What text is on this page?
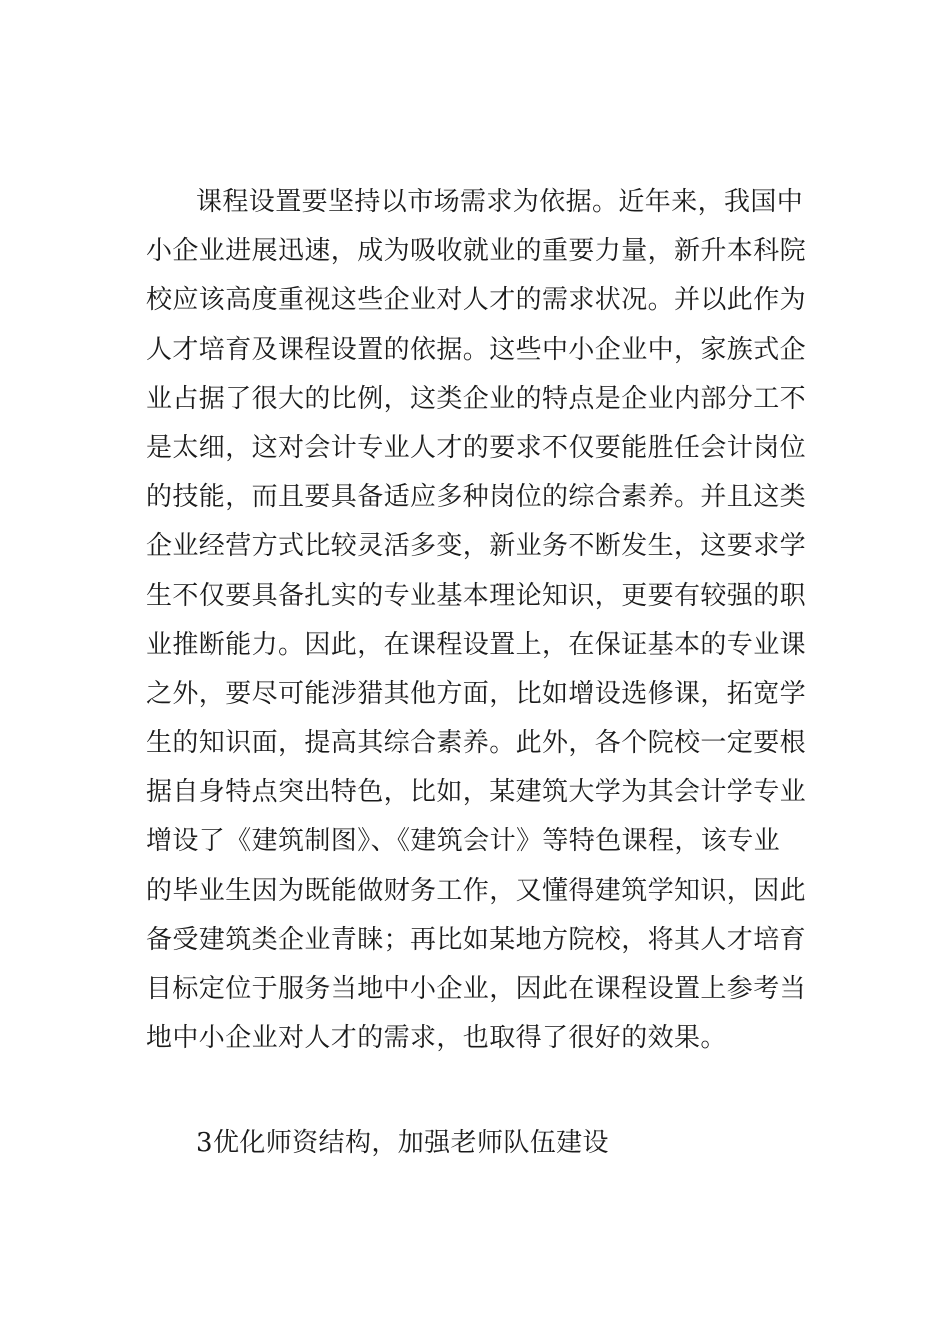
课程设置要坚持以市场需求为依据。近年来，我国中
小企业进展迅速，成为吸收就业的重要力量，新升本科院
校应该高度重视这些企业对人才的需求状况。并以此作为
人才培育及课程设置的依据。这些中小企业中，家族式企
业占据了很大的比例，这类企业的特点是企业内部分工不
是太细，这对会计专业人才的要求不仅要能胜任会计岗位
的技能，而且要具备适应多种岗位的综合素养。并且这类
企业经营方式比较灵活多变，新业务不断发生，这要求学
生不仅要具备扎实的专业基本理论知识，更要有较强的职
业推断能力。因此，在课程设置上，在保证基本的专业课
之外，要尽可能涉猎其他方面，比如增设选修课，拓宽学
生的知识面，提高其综合素养。此外，各个院校一定要根
据自身特点突出特色，比如，某建筑大学为其会计学专业
增设了《建筑制图》、《建筑会计》等特色课程，该专业
的毕业生因为既能做财务工作，又懂得建筑学知识，因此
备受建筑类企业青睐；再比如某地方院校，将其人才培育
目标定位于服务当地中小企业，因此在课程设置上参考当
地中小企业对人才的需求，也取得了很好的效果。
3优化师资结构，加强老师队伍建设
